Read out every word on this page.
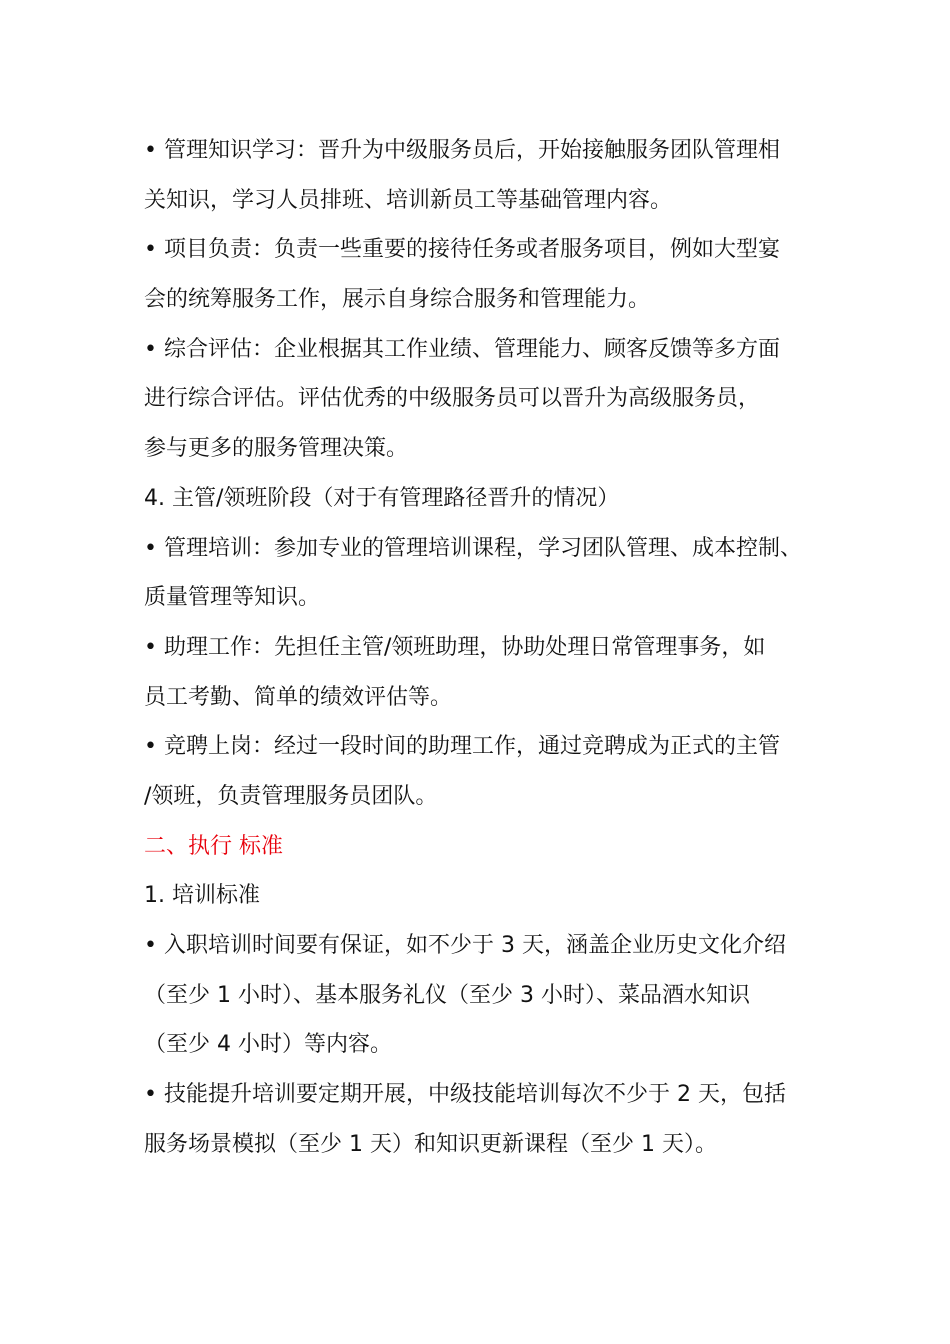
• 管理知识学习：晋升为中级服务员后，开始接触服务团队管理相
关知识，学习人员排班、培训新员工等基础管理内容。
• 项目负责：负责一些重要的接待任务或者服务项目，例如大型宴
会的统筹服务工作，展示自身综合服务和管理能力。
• 综合评估：企业根据其工作业绩、管理能力、顾客反馈等多方面
进行综合评估。评估优秀的中级服务员可以晋升为高级服务员，
参与更多的服务管理决策。
4. 主管/领班阶段（对于有管理路径晋升的情况）
• 管理培训：参加专业的管理培训课程，学习团队管理、成本控制、
质量管理等知识。
• 助理工作：先担任主管/领班助理，协助处理日常管理事务，如
员工考勤、简单的绩效评估等。
• 竞聘上岗：经过一段时间的助理工作，通过竞聘成为正式的主管
/领班，负责管理服务员团队。
二、执行 标准
1. 培训标准
• 入职培训时间要有保证，如不少于 3 天，涵盖企业历史文化介绍
（至少 1 小时）、基本服务礼仪（至少 3 小时）、菜品酒水知识
（至少 4 小时）等内容。
• 技能提升培训要定期开展，中级技能培训每次不少于 2 天，包括
服务场景模拟（至少 1 天）和知识更新课程（至少 1 天）。
